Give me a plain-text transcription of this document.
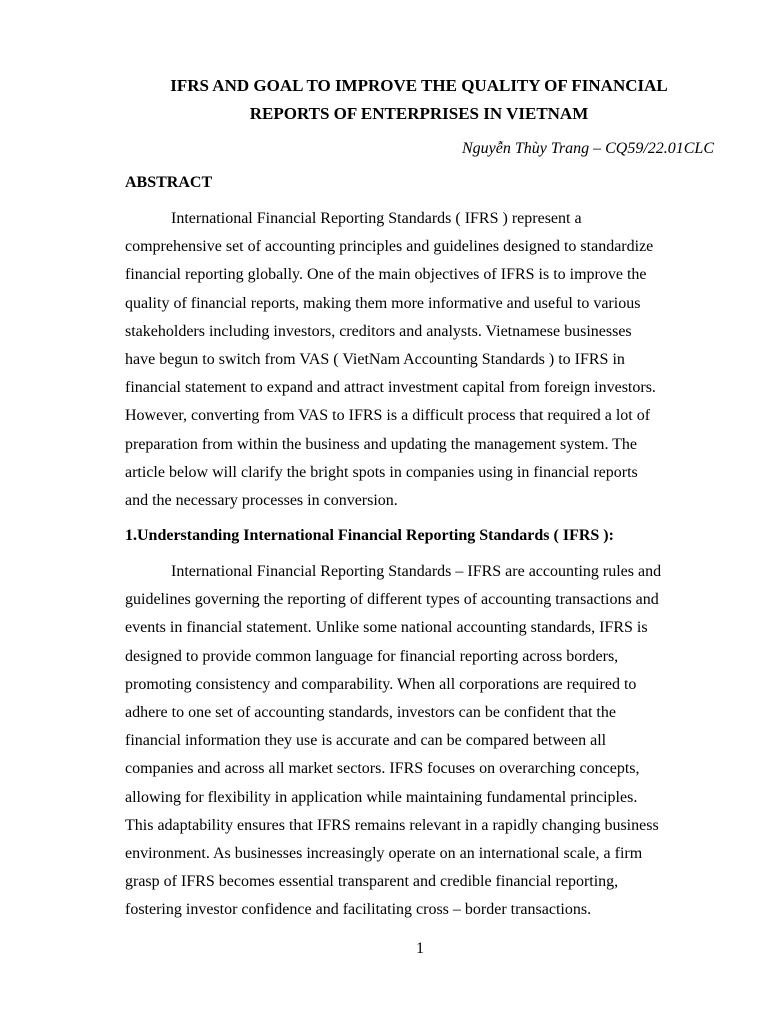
IFRS AND GOAL TO IMPROVE THE QUALITY OF FINANCIAL
REPORTS OF ENTERPRISES IN VIETNAM
Nguyễn Thùy Trang – CQ59/22.01CLC
ABSTRACT

International Financial Reporting Standards ( IFRS ) represent a
comprehensive set of accounting principles and guidelines designed to standardize
financial reporting globally. One of the main objectives of IFRS is to improve the
quality of financial reports, making them more informative and useful to various
stakeholders including investors, creditors and analysts. Vietnamese businesses
have begun to switch from VAS ( VietNam Accounting Standards ) to IFRS in
financial statement to expand and attract investment capital from foreign investors.
However, converting from VAS to IFRS is a difficult process that required a lot of
preparation from within the business and updating the management system. The
article below will clarify the bright spots in companies using in financial reports
and the necessary processes in conversion.

1.Understanding International Financial Reporting Standards ( IFRS ):

International Financial Reporting Standards – IFRS are accounting rules and
guidelines governing the reporting of different types of accounting transactions and
events in financial statement. Unlike some national accounting standards, IFRS is
designed to provide common language for financial reporting across borders,
promoting consistency and comparability. When all corporations are required to
adhere to one set of accounting standards, investors can be confident that the
financial information they use is accurate and can be compared between all
companies and across all market sectors. IFRS focuses on overarching concepts,
allowing for flexibility in application while maintaining fundamental principles.
This adaptability ensures that IFRS remains relevant in a rapidly changing business
environment. As businesses increasingly operate on an international scale, a firm
grasp of IFRS becomes essential transparent and credible financial reporting,
fostering investor confidence and facilitating cross – border transactions.

1
